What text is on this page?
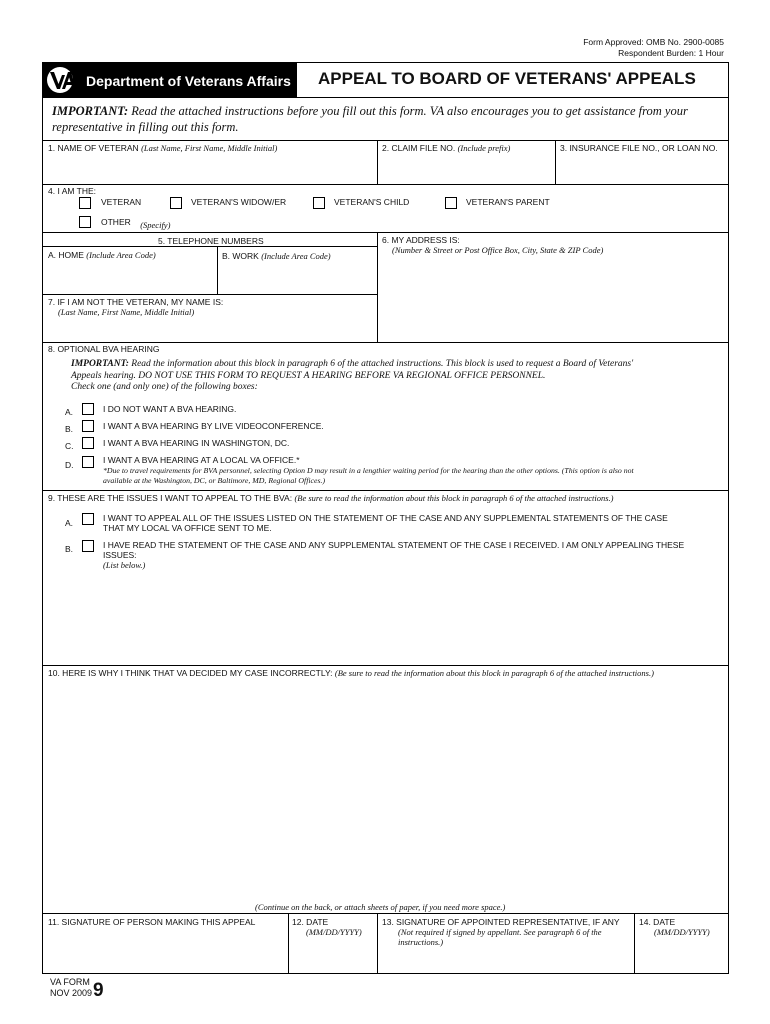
Form Approved: OMB No. 2900-0085
Respondent Burden: 1 Hour
Department of Veterans Affairs APPEAL TO BOARD OF VETERANS' APPEALS
IMPORTANT: Read the attached instructions before you fill out this form. VA also encourages you to get assistance from your
representative in filling out this form.
1. NAME OF VETERAN (Last Name, First Name, Middle Initial)	2. CLAIM FILE NO. (Include prefix)	3. INSURANCE FILE NO., OR LOAN NO.
4. I AM THE:
VETERAN	VETERAN'S WIDOW/ER	VETERAN'S CHILD	VETERAN'S PARENT
OTHER (Specify)
5. TELEPHONE NUMBERS
A. HOME (Include Area Code)	B. WORK (Include Area Code)
6. MY ADDRESS IS:
(Number & Street or Post Office Box, City, State & ZIP Code)
7. IF I AM NOT THE VETERAN, MY NAME IS:
(Last Name, First Name, Middle Initial)
8. OPTIONAL BVA HEARING
IMPORTANT: Read the information about this block in paragraph 6 of the attached instructions. This block is used to request a Board of Veterans'
Appeals hearing. DO NOT USE THIS FORM TO REQUEST A HEARING BEFORE VA REGIONAL OFFICE PERSONNEL.
Check one (and only one) of the following boxes:
A.	I DO NOT WANT A BVA HEARING.
B.	I WANT A BVA HEARING BY LIVE VIDEOCONFERENCE.
C.	I WANT A BVA HEARING IN WASHINGTON, DC.
D.	I WANT A BVA HEARING AT A LOCAL VA OFFICE.*
*Due to travel requirements for BVA personnel, selecting Option D may result in a lengthier waiting period for the hearing than the other options. (This option is also not
available at the Washington, DC, or Baltimore, MD, Regional Offices.)
9. THESE ARE THE ISSUES I WANT TO APPEAL TO THE BVA: (Be sure to read the information about this block in paragraph 6 of the attached instructions.)
A.	I WANT TO APPEAL ALL OF THE ISSUES LISTED ON THE STATEMENT OF THE CASE AND ANY SUPPLEMENTAL STATEMENTS OF THE CASE
THAT MY LOCAL VA OFFICE SENT TO ME.
B.	I HAVE READ THE STATEMENT OF THE CASE AND ANY SUPPLEMENTAL STATEMENT OF THE CASE I RECEIVED. I AM ONLY APPEALING THESE
ISSUES:
(List below.)
10. HERE IS WHY I THINK THAT VA DECIDED MY CASE INCORRECTLY: (Be sure to read the information about this block in paragraph 6 of the attached instructions.)
(Continue on the back, or attach sheets of paper, if you need more space.)
11. SIGNATURE OF PERSON MAKING THIS APPEAL	12. DATE
(MM/DD/YYYY)
13. SIGNATURE OF APPOINTED REPRESENTATIVE, IF ANY
(Not required if signed by appellant. See paragraph 6 of the
instructions.)
14. DATE
(MM/DD/YYYY)
VA FORM
NOV 2009 9
